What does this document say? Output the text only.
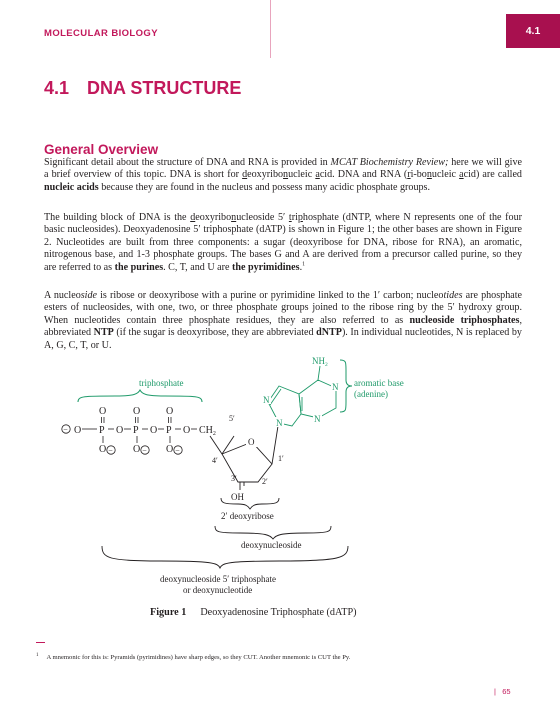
MOLECULAR BIOLOGY	4.1
4.1 DNA STRUCTURE
General Overview

Significant detail about the structure of DNA and RNA is provided in MCAT Biochemistry Review; here we will give a brief overview of this topic. DNA is short for deoxyribonucleic acid. DNA and RNA (ri-bonucleic acid) are called nucleic acids because they are found in the nucleus and possess many acidic phosphate groups.

The building block of DNA is the deoxyribonucleoside 5′ triphosphate (dNTP, where N represents one of the four basic nucleosides). Deoxyadenosine 5′ triphosphate (dATP) is shown in Figure 1; the other bases are shown in Figure 2. Nucleotides are built from three components: a sugar (deoxyribose for DNA, ribose for RNA), an aromatic, nitrogenous base, and 1-3 phosphate groups. The bases G and A are derived from a precursor called purine, so they are referred to as the purines. C, T, and U are the pyrimidines.$^1$

A nucleoside is ribose or deoxyribose with a purine or pyrimidine linked to the 1′ carbon; nucleotides are phosphate esters of nucleosides, with one, two, or three phosphate groups joined to the ribose ring by the 5′ hydroxy group. When nucleotides contain three phosphate residues, they are also referred to as nucleoside triphosphates, abbreviated NTP (if the sugar is deoxyribose, they are abbreviated dNTP). In individual nucleotides, N is replaced by A, G, C, T, or U.

triphosphate
O	O	O
P	P	P
O	O	O	O
O	O	O
$CH_2$
−
−	−	−
O
5′
4′
3′	2′
1′
OH
$NH_2$
N
N
N	N
aromatic base
(adenine)
2′ deoxyribose
deoxynucleoside
deoxynucleoside 5′ triphosphate
or deoxynucleotide
Figure 1 Deoxyadenosine Triphosphate (dATP)
$^1$ A mnemonic for this is: Pyramids (pyrimidines) have sharp edges, so they CUT. Another mnemonic is CUT the Py.
| 65
